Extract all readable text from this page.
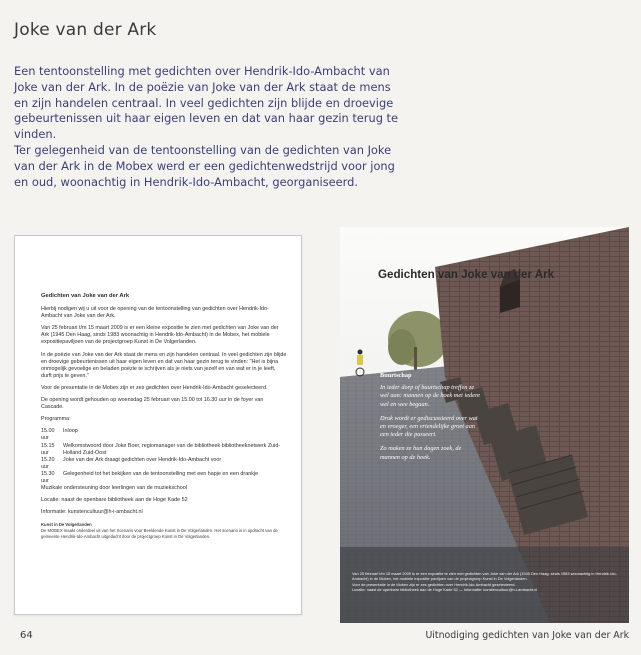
Joke van der Ark

Een tentoonstelling met gedichten over Hendrik-Ido-Ambacht van Joke van der Ark. In de poëzie van Joke van der Ark staat de mens en zijn handelen centraal. In veel gedichten zijn blijde en droevige gebeurtenissen uit haar eigen leven en dat van haar gezin terug te vinden.

Ter gelegenheid van de tentoonstelling van de gedichten van Joke van der Ark in de Mobex werd er een gedichtenwedstrijd voor jong en oud, woonachtig in Hendrik-Ido-Ambacht, georganiseerd.

Gedichten van Joke van der Ark

Hierbij nodigen wij u uit voor de opening van de tentoonstelling van gedichten over Hendrik-Ido-Ambacht van Joke van der Ark.

Van 25 februari t/m 15 maart 2009 is er een kleine expositie te zien met gedichten van Joke van der Ark (1945 Den Haag, sinds 1983 woonachtig in Hendrik-Ido-Ambacht) in de Mobex, het mobiele expositiepaviljoen van de projectgroep Kunst in De Volgerlanden.

In de poëzie van Joke van der Ark staat de mens en zijn handelen centraal. In veel gedichten zijn blijde en droevige gebeurtenissen uit haar eigen leven en dat van haar gezin terug te vinden: "Het is bijna onmogelijk gevoelige en beladen poëzie te schrijven als je niets van jezelf en van wat er in je leeft, durft prijs te geven."

Voor de presentatie in de Mobex zijn er zes gedichten over Hendrik-Ido-Ambacht geselecteerd.

De opening wordt gehouden op woensdag 25 februari van 15.00 tot 16.30 uur in de foyer van Cascade.

Programma:

15.00 uur
Inloop
15.15 uur
Welkomstwoord door Joke Boer, regiomanager van de bibliotheek bibliotheeknetwerk Zuid-Holland Zuid-Oost
15.20 uur
Joke van der Ark draagt gedichten over Hendrik-Ido-Ambacht voor
15.30 uur
Gelegenheid tot het bekijken van de tentoonstelling met een hapje en een drankje

Muzikale ondersteuning door leerlingen van de muziekschool

Locatie: naast de openbare bibliotheek aan de Hoge Kade 52

Informatie: kunstencultuur@h-i-ambacht.nl

Kunst in De Volgerlanden
De MOBEX maakt onderdeel uit van het Scenario voor Beeldende Kunst in De Volgerlanden. Het scenario is in opdracht van de gemeente Hendrik-Ido-Ambacht uitgedacht door de projectgroep Kunst in De Volgerlanden.
Gedichten van Joke van der Ark
Buurtschap
In ieder dorp of buurtschap treffen ze wel aan: mannen op de hoek met iedere wel en wee begaan.
Druk wordt er gediscussieerd over wat en vroeger, een vriendelijke groet aan een ieder die passeert.
Zo maken ze hun dagen zoek, de mannen op de hoek.
Van 25 februari t/m 15 maart 2009 is er een expositie te zien met gedichten van Joke van der Ark (1945 Den Haag, sinds 1983 woonachtig in Hendrik-Ido-Ambacht) in de Mobex, het mobiele expositie paviljoen van de projectgroep Kunst in De Volgerlanden.
Voor de presentatie in de Mobex zijn er zes gedichten over Hendrik-Ido-Ambacht geselecteerd.
Locatie: naast de openbare bibliotheek aan de Hoge Kade 52 — Informatie: kunstencultuur@h-i-ambacht.nl
64	Uitnodiging gedichten van Joke van der Ark
